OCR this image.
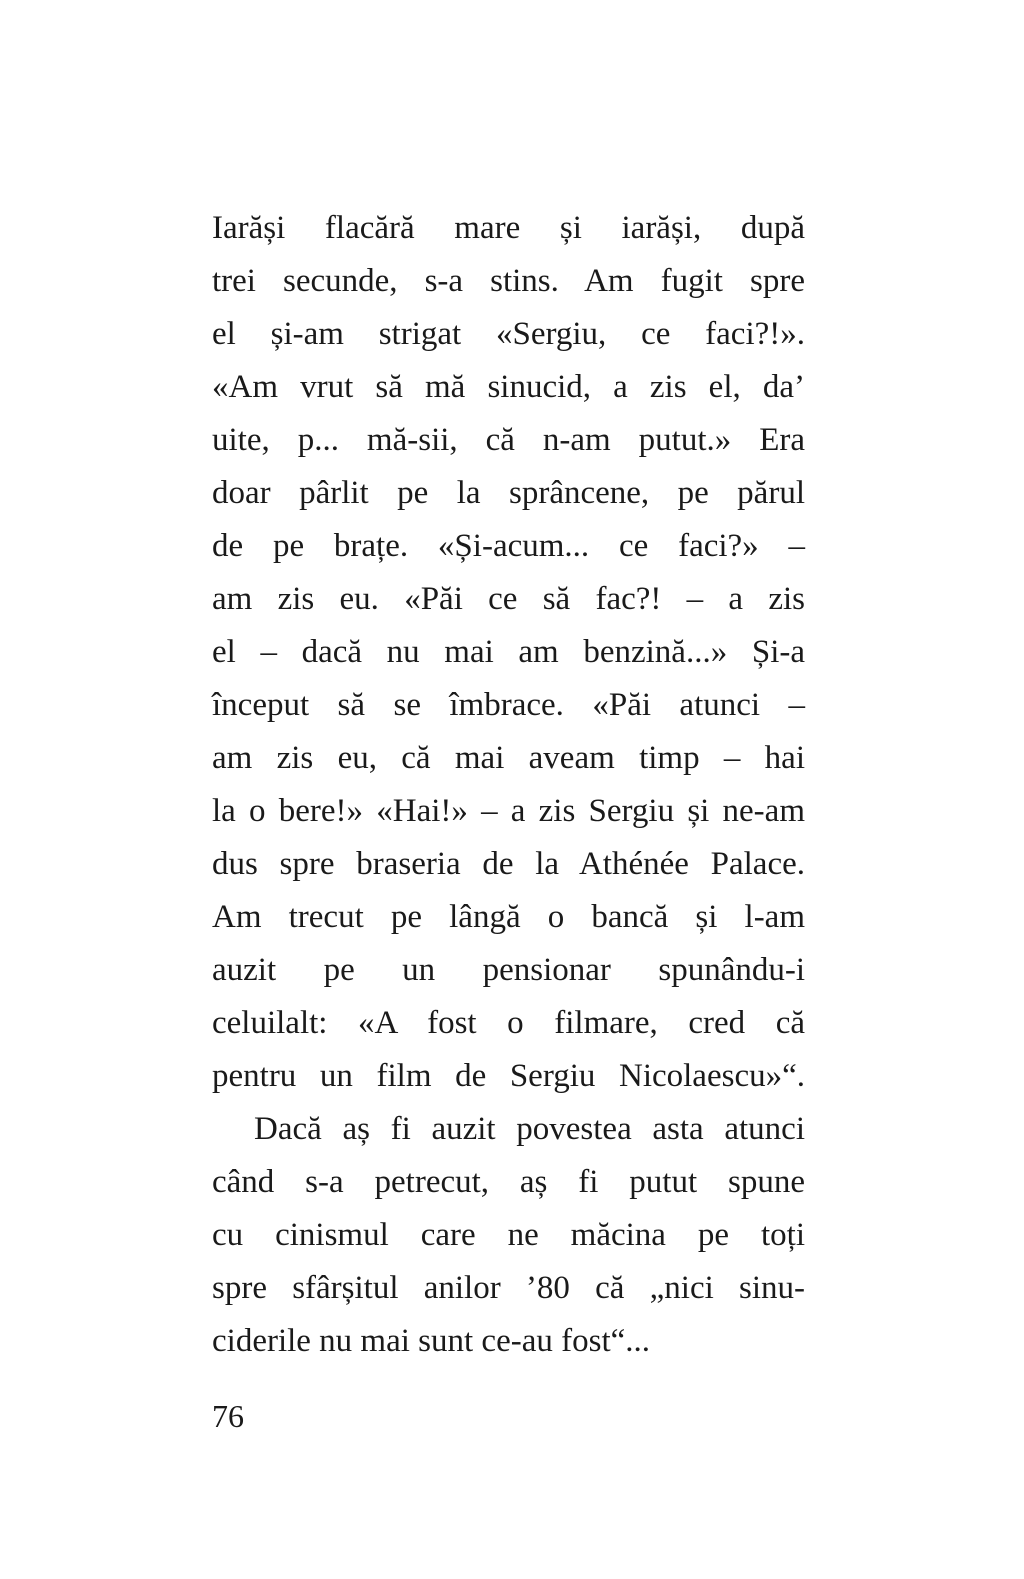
Iarăși flacără mare și iarăși, după
trei secunde, s-a stins. Am fugit spre
el și-am strigat «Sergiu, ce faci?!».
«Am vrut să mă sinucid, a zis el, da’
uite, p... mă-sii, că n-am putut.» Era
doar pârlit pe la sprâncene, pe părul
de pe brațe. «Și-acum... ce faci?» –
am zis eu. «Păi ce să fac?! – a zis
el – dacă nu mai am benzină...» Și-a
început să se îmbrace. «Păi atunci –
am zis eu, că mai aveam timp – hai
la o bere!» «Hai!» – a zis Sergiu și ne-am
dus spre braseria de la Athénée Palace.
Am trecut pe lângă o bancă și l-am
auzit pe un pensionar spunându-i
celuilalt: «A fost o filmare, cred că
pentru un film de Sergiu Nicolaescu»“.
Dacă aș fi auzit povestea asta atunci
când s-a petrecut, aș fi putut spune
cu cinismul care ne măcina pe toți
spre sfârșitul anilor ’80 că „nici sinu-
ciderile nu mai sunt ce-au fost“...
76
